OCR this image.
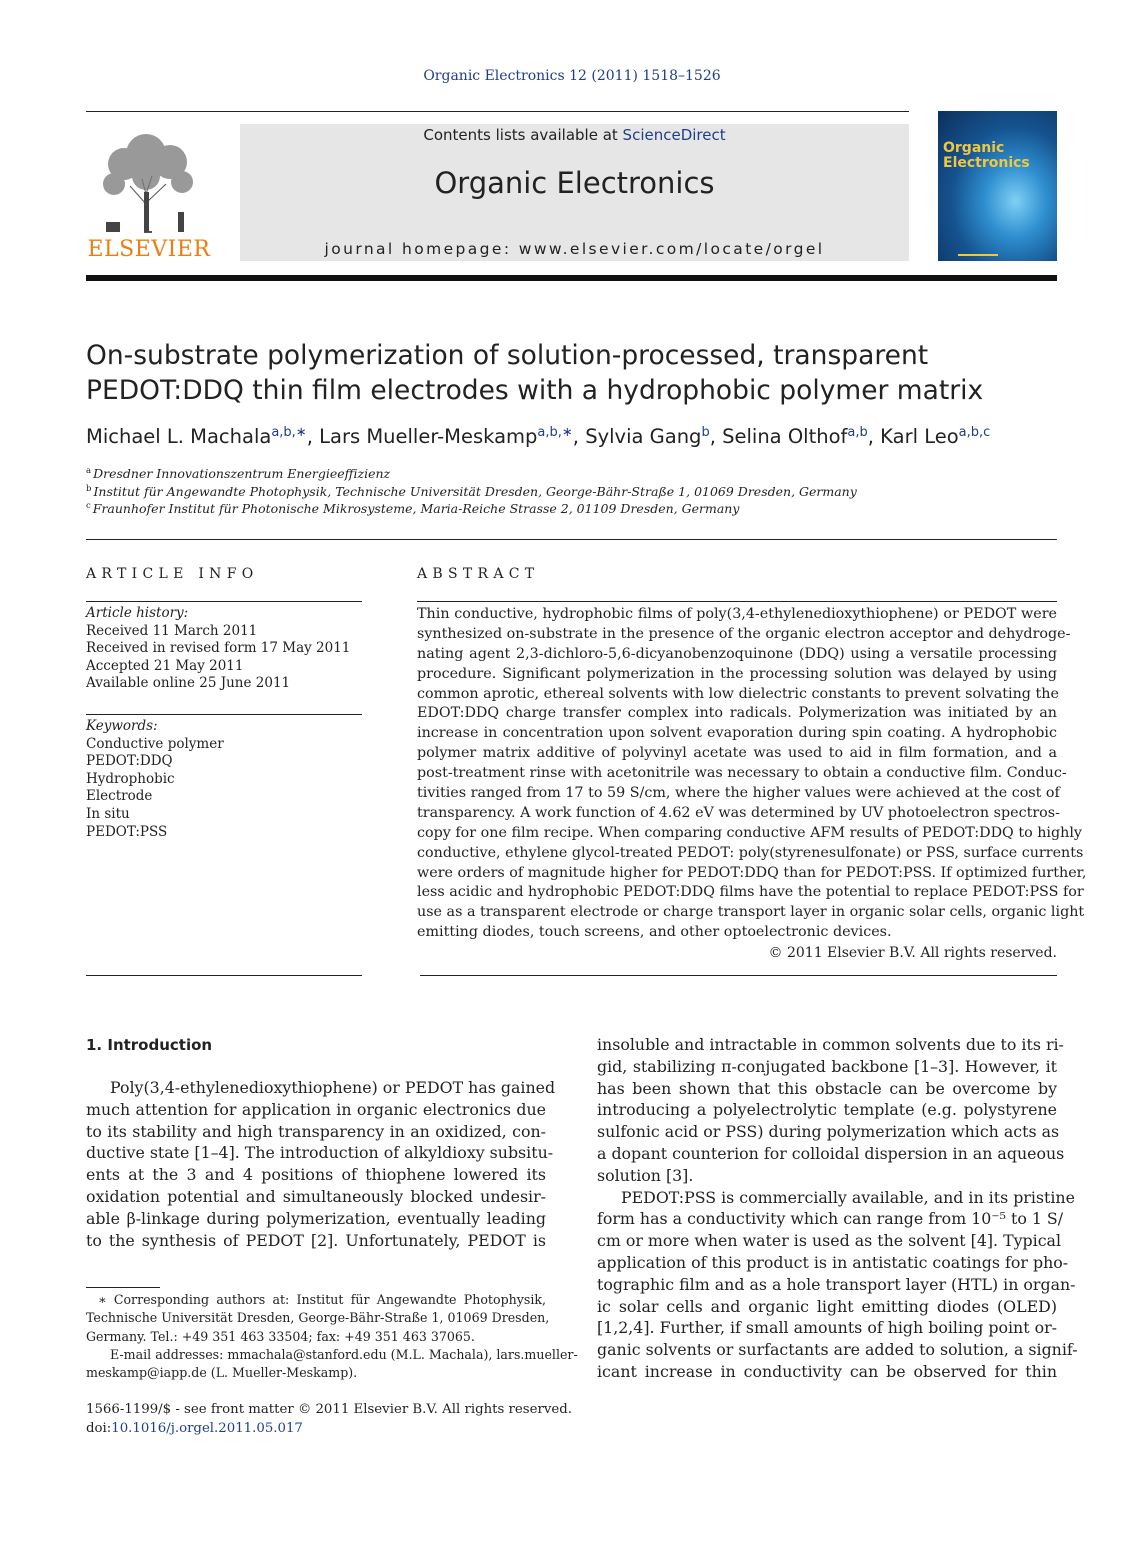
Organic Electronics 12 (2011) 1518–1526
ELSEVIER
Contents lists available at ScienceDirect
Organic Electronics
journal homepage: www.elsevier.com/locate/orgel
Organic
Electronics
On-substrate polymerization of solution-processed, transparent
PEDOT:DDQ thin film electrodes with a hydrophobic polymer matrix
Michael L. Machala$^{a,b,∗}$, Lars Mueller-Meskamp$^{a,b,∗}$, Sylvia Gang$^b$, Selina Olthof$^{a,b}$, Karl Leo$^{a,b,c}$
$^a$ Dresdner Innovationszentrum Energieeffizienz
$^b$ Institut für Angewandte Photophysik, Technische Universität Dresden, George-Bähr-Straße 1, 01069 Dresden, Germany
$^c$ Fraunhofer Institut für Photonische Mikrosysteme, Maria-Reiche Strasse 2, 01109 Dresden, Germany
ARTICLE INFO	ABSTRACT
Article history:
Received 11 March 2011
Received in revised form 17 May 2011
Accepted 21 May 2011
Available online 25 June 2011
Keywords:
Conductive polymer
PEDOT:DDQ
Hydrophobic
Electrode
In situ
PEDOT:PSS
Thin conductive, hydrophobic films of poly(3,4-ethylenedioxythiophene) or PEDOT were
synthesized on-substrate in the presence of the organic electron acceptor and dehydroge-
nating agent 2,3-dichloro-5,6-dicyanobenzoquinone (DDQ) using a versatile processing
procedure. Significant polymerization in the processing solution was delayed by using
common aprotic, ethereal solvents with low dielectric constants to prevent solvating the
EDOT:DDQ charge transfer complex into radicals. Polymerization was initiated by an
increase in concentration upon solvent evaporation during spin coating. A hydrophobic
polymer matrix additive of polyvinyl acetate was used to aid in film formation, and a
post-treatment rinse with acetonitrile was necessary to obtain a conductive film. Conduc-
tivities ranged from 17 to 59 S/cm, where the higher values were achieved at the cost of
transparency. A work function of 4.62 eV was determined by UV photoelectron spectros-
copy for one film recipe. When comparing conductive AFM results of PEDOT:DDQ to highly
conductive, ethylene glycol-treated PEDOT: poly(styrenesulfonate) or PSS, surface currents
were orders of magnitude higher for PEDOT:DDQ than for PEDOT:PSS. If optimized further,
less acidic and hydrophobic PEDOT:DDQ films have the potential to replace PEDOT:PSS for
use as a transparent electrode or charge transport layer in organic solar cells, organic light
emitting diodes, touch screens, and other optoelectronic devices.
© 2011 Elsevier B.V. All rights reserved.
1. Introduction
Poly(3,4-ethylenedioxythiophene) or PEDOT has gained
much attention for application in organic electronics due
to its stability and high transparency in an oxidized, con-
ductive state [1–4]. The introduction of alkyldioxy subsitu-
ents at the 3 and 4 positions of thiophene lowered its
oxidation potential and simultaneously blocked undesir-
able β-linkage during polymerization, eventually leading
to the synthesis of PEDOT [2]. Unfortunately, PEDOT is
insoluble and intractable in common solvents due to its ri-
gid, stabilizing π-conjugated backbone [1–3]. However, it
has been shown that this obstacle can be overcome by
introducing a polyelectrolytic template (e.g. polystyrene
sulfonic acid or PSS) during polymerization which acts as
a dopant counterion for colloidal dispersion in an aqueous
solution [3].
PEDOT:PSS is commercially available, and in its pristine
form has a conductivity which can range from 10⁻⁵ to 1 S/
cm or more when water is used as the solvent [4]. Typical
application of this product is in antistatic coatings for pho-
tographic film and as a hole transport layer (HTL) in organ-
ic solar cells and organic light emitting diodes (OLED)
[1,2,4]. Further, if small amounts of high boiling point or-
ganic solvents or surfactants are added to solution, a signif-
icant increase in conductivity can be observed for thin
∗ Corresponding authors at: Institut für Angewandte Photophysik,
Technische Universität Dresden, George-Bähr-Straße 1, 01069 Dresden,
Germany. Tel.: +49 351 463 33504; fax: +49 351 463 37065.
E-mail addresses: mmachala@stanford.edu (M.L. Machala), lars.mueller-
meskamp@iapp.de (L. Mueller-Meskamp).
1566-1199/$ - see front matter © 2011 Elsevier B.V. All rights reserved.
doi:10.1016/j.orgel.2011.05.017
